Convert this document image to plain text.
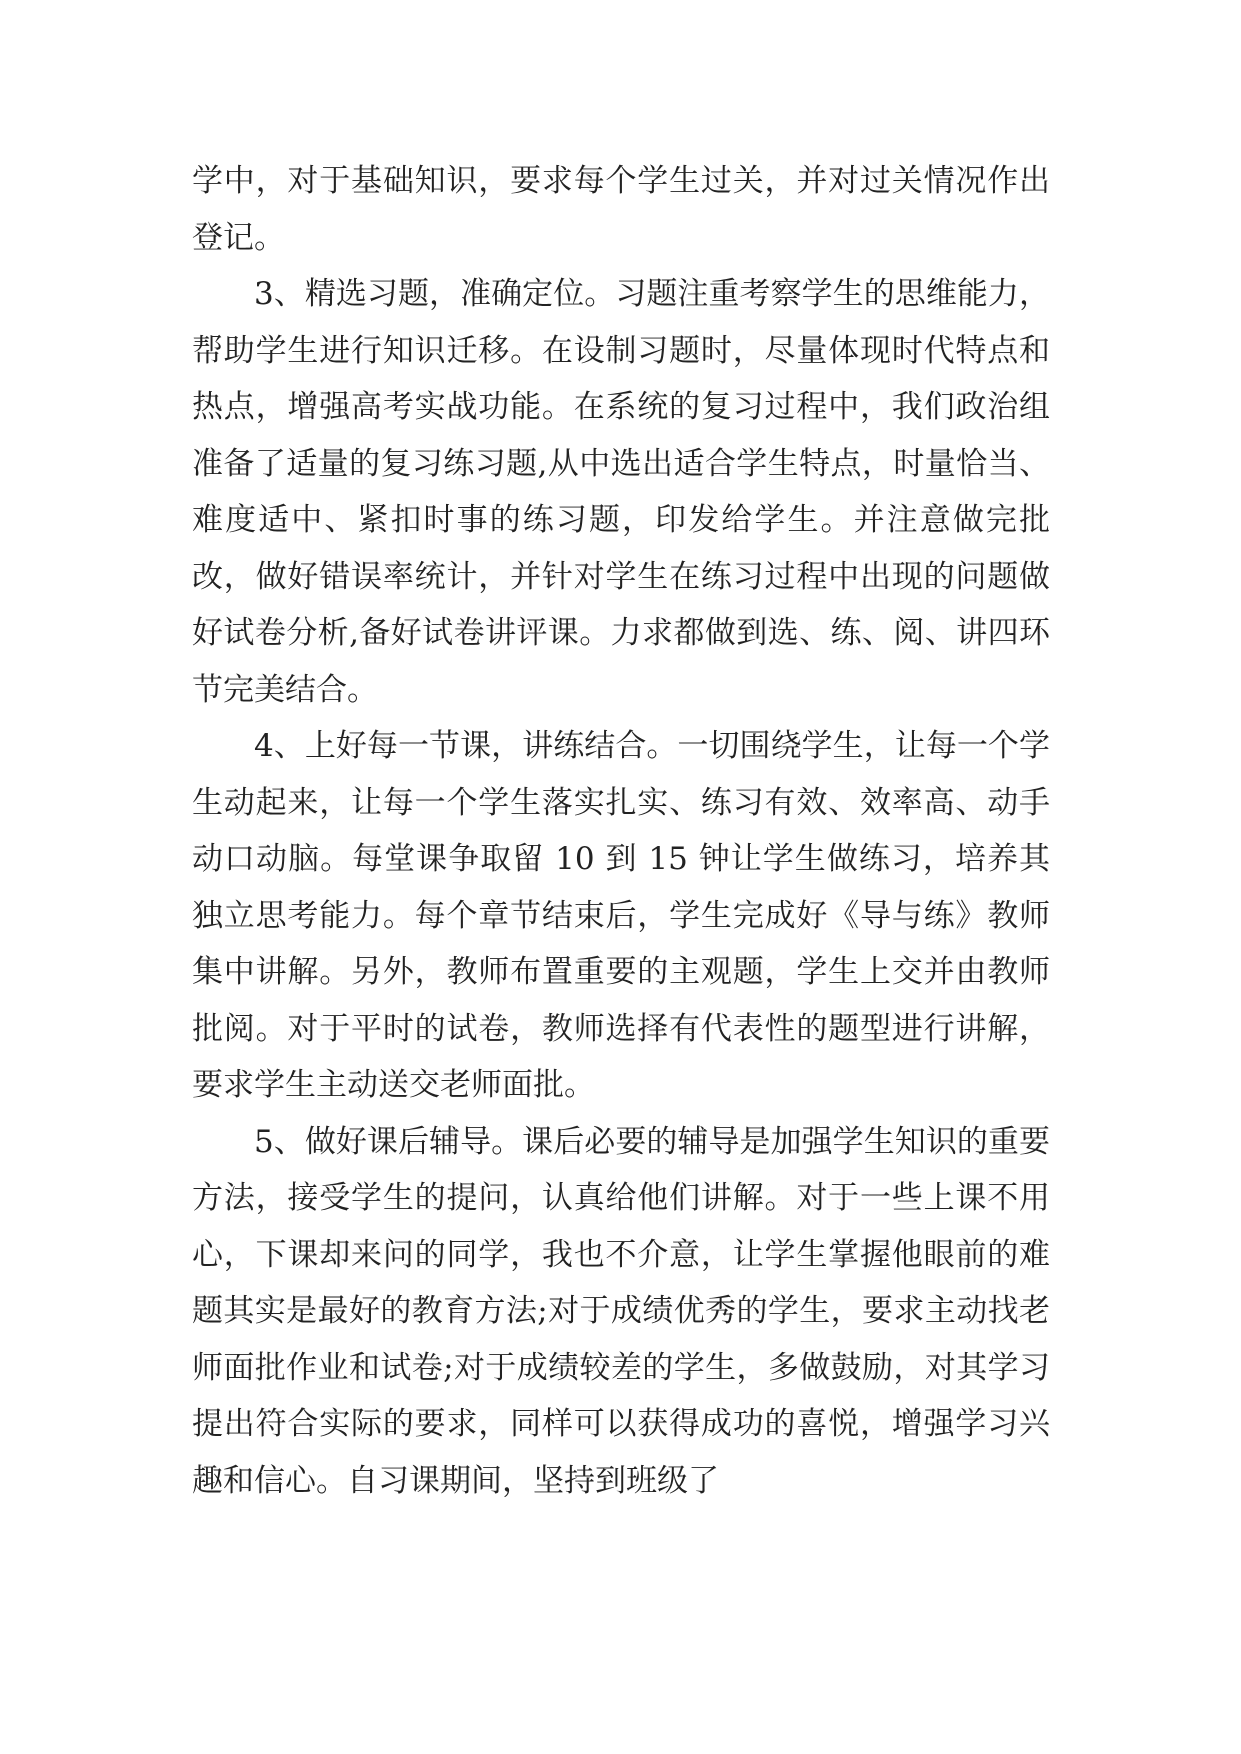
学中，对于基础知识，要求每个学生过关，并对过关情况作出登记。

3、精选习题，准确定位。习题注重考察学生的思维能力，帮助学生进行知识迁移。在设制习题时，尽量体现时代特点和热点，增强高考实战功能。在系统的复习过程中，我们政治组准备了适量的复习练习题,从中选出适合学生特点，时量恰当、难度适中、紧扣时事的练习题，印发给学生。并注意做完批改，做好错误率统计，并针对学生在练习过程中出现的问题做好试卷分析,备好试卷讲评课。力求都做到选、练、阅、讲四环节完美结合。

4、上好每一节课，讲练结合。一切围绕学生，让每一个学生动起来，让每一个学生落实扎实、练习有效、效率高、动手动口动脑。每堂课争取留 10 到 15 钟让学生做练习，培养其独立思考能力。每个章节结束后，学生完成好《导与练》教师集中讲解。另外，教师布置重要的主观题，学生上交并由教师批阅。对于平时的试卷，教师选择有代表性的题型进行讲解，要求学生主动送交老师面批。

5、做好课后辅导。课后必要的辅导是加强学生知识的重要方法，接受学生的提问，认真给他们讲解。对于一些上课不用心，下课却来问的同学，我也不介意，让学生掌握他眼前的难题其实是最好的教育方法;对于成绩优秀的学生，要求主动找老师面批作业和试卷;对于成绩较差的学生，多做鼓励，对其学习提出符合实际的要求，同样可以获得成功的喜悦，增强学习兴趣和信心。自习课期间，坚持到班级了
